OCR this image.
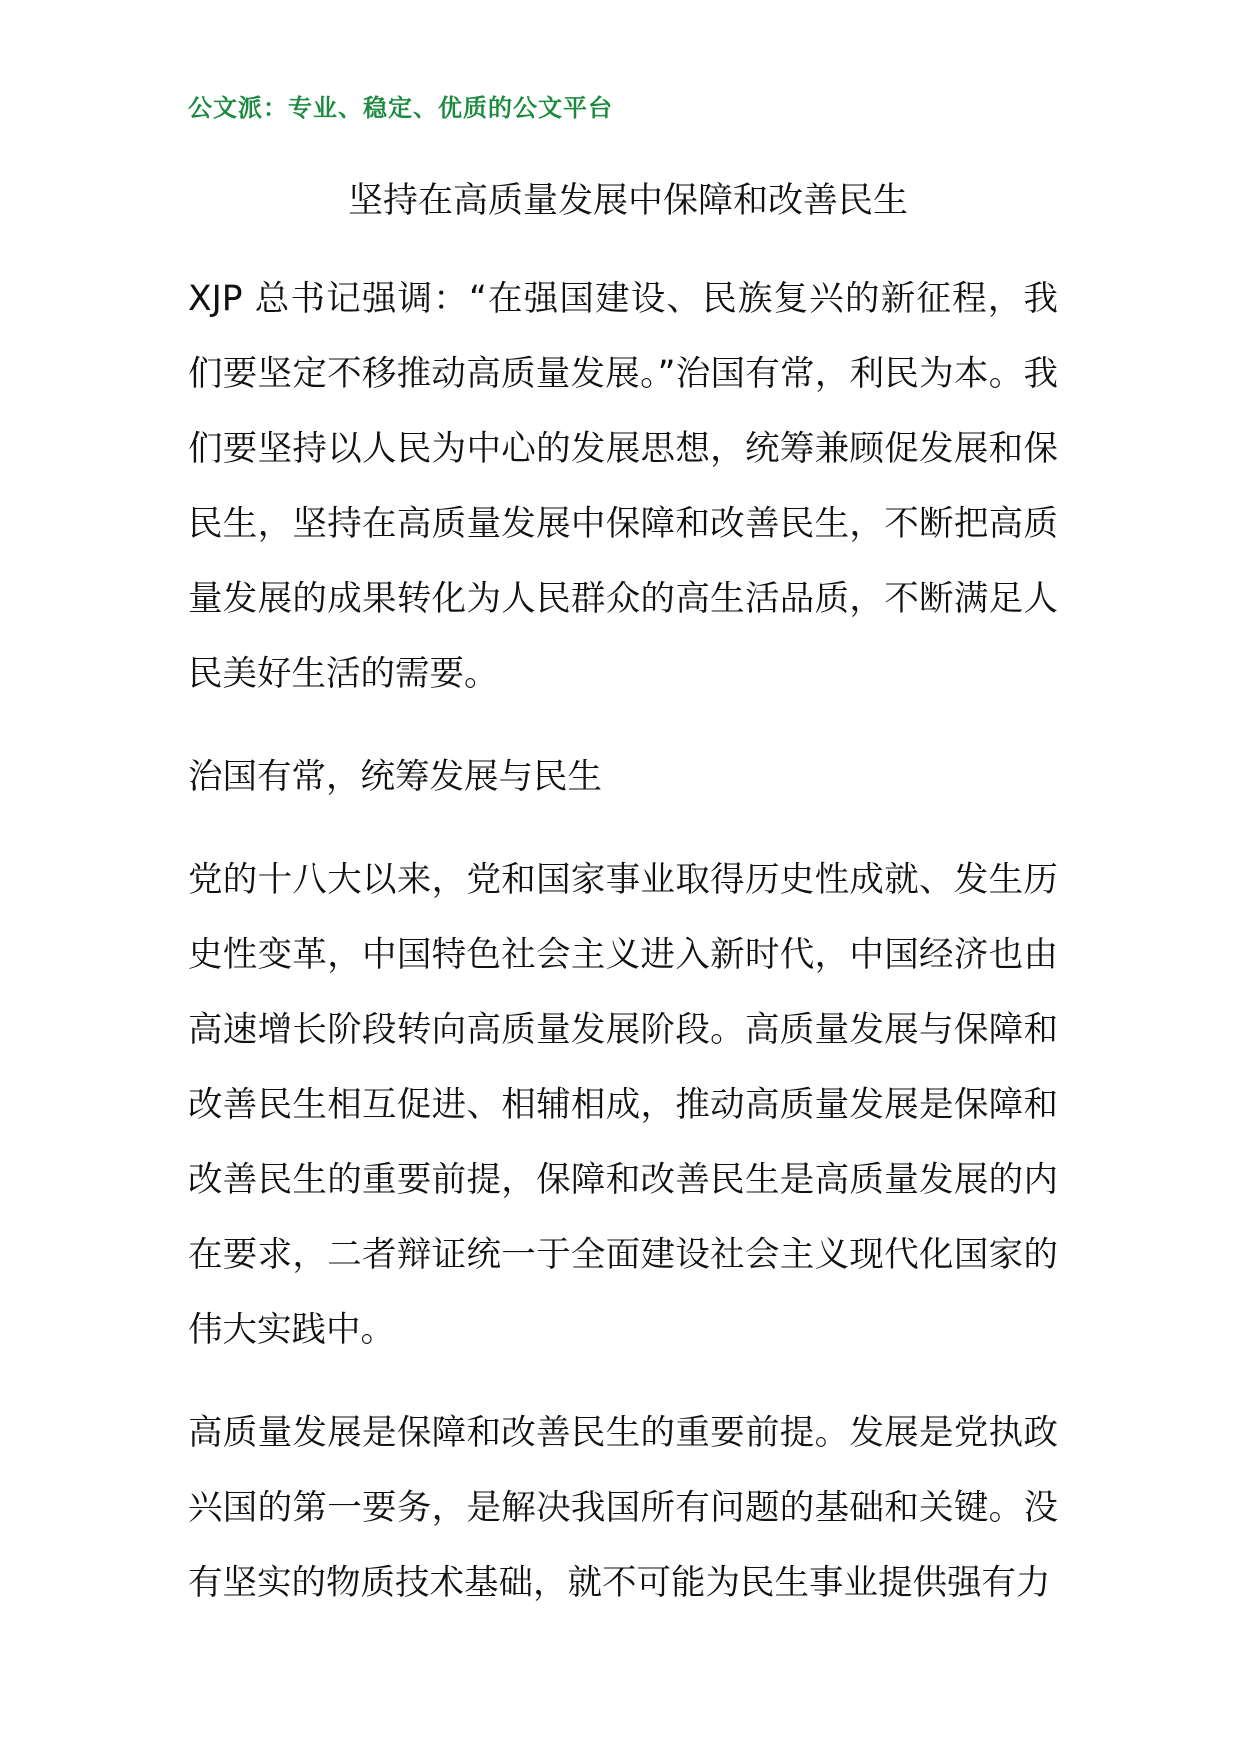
公文派：专业、稳定、优质的公文平台
坚持在高质量发展中保障和改善民生

XJP 总书记强调：“在强国建设、民族复兴的新征程，我们要坚定不移推动高质量发展。”治国有常，利民为本。我们要坚持以人民为中心的发展思想，统筹兼顾促发展和保民生，坚持在高质量发展中保障和改善民生，不断把高质量发展的成果转化为人民群众的高生活品质，不断满足人民美好生活的需要。

治国有常，统筹发展与民生

党的十八大以来，党和国家事业取得历史性成就、发生历史性变革，中国特色社会主义进入新时代，中国经济也由高速增长阶段转向高质量发展阶段。高质量发展与保障和改善民生相互促进、相辅相成，推动高质量发展是保障和改善民生的重要前提，保障和改善民生是高质量发展的内在要求，二者辩证统一于全面建设社会主义现代化国家的伟大实践中。

高质量发展是保障和改善民生的重要前提。发展是党执政兴国的第一要务，是解决我国所有问题的基础和关键。没有坚实的物质技术基础，就不可能为民生事业提供强有力
